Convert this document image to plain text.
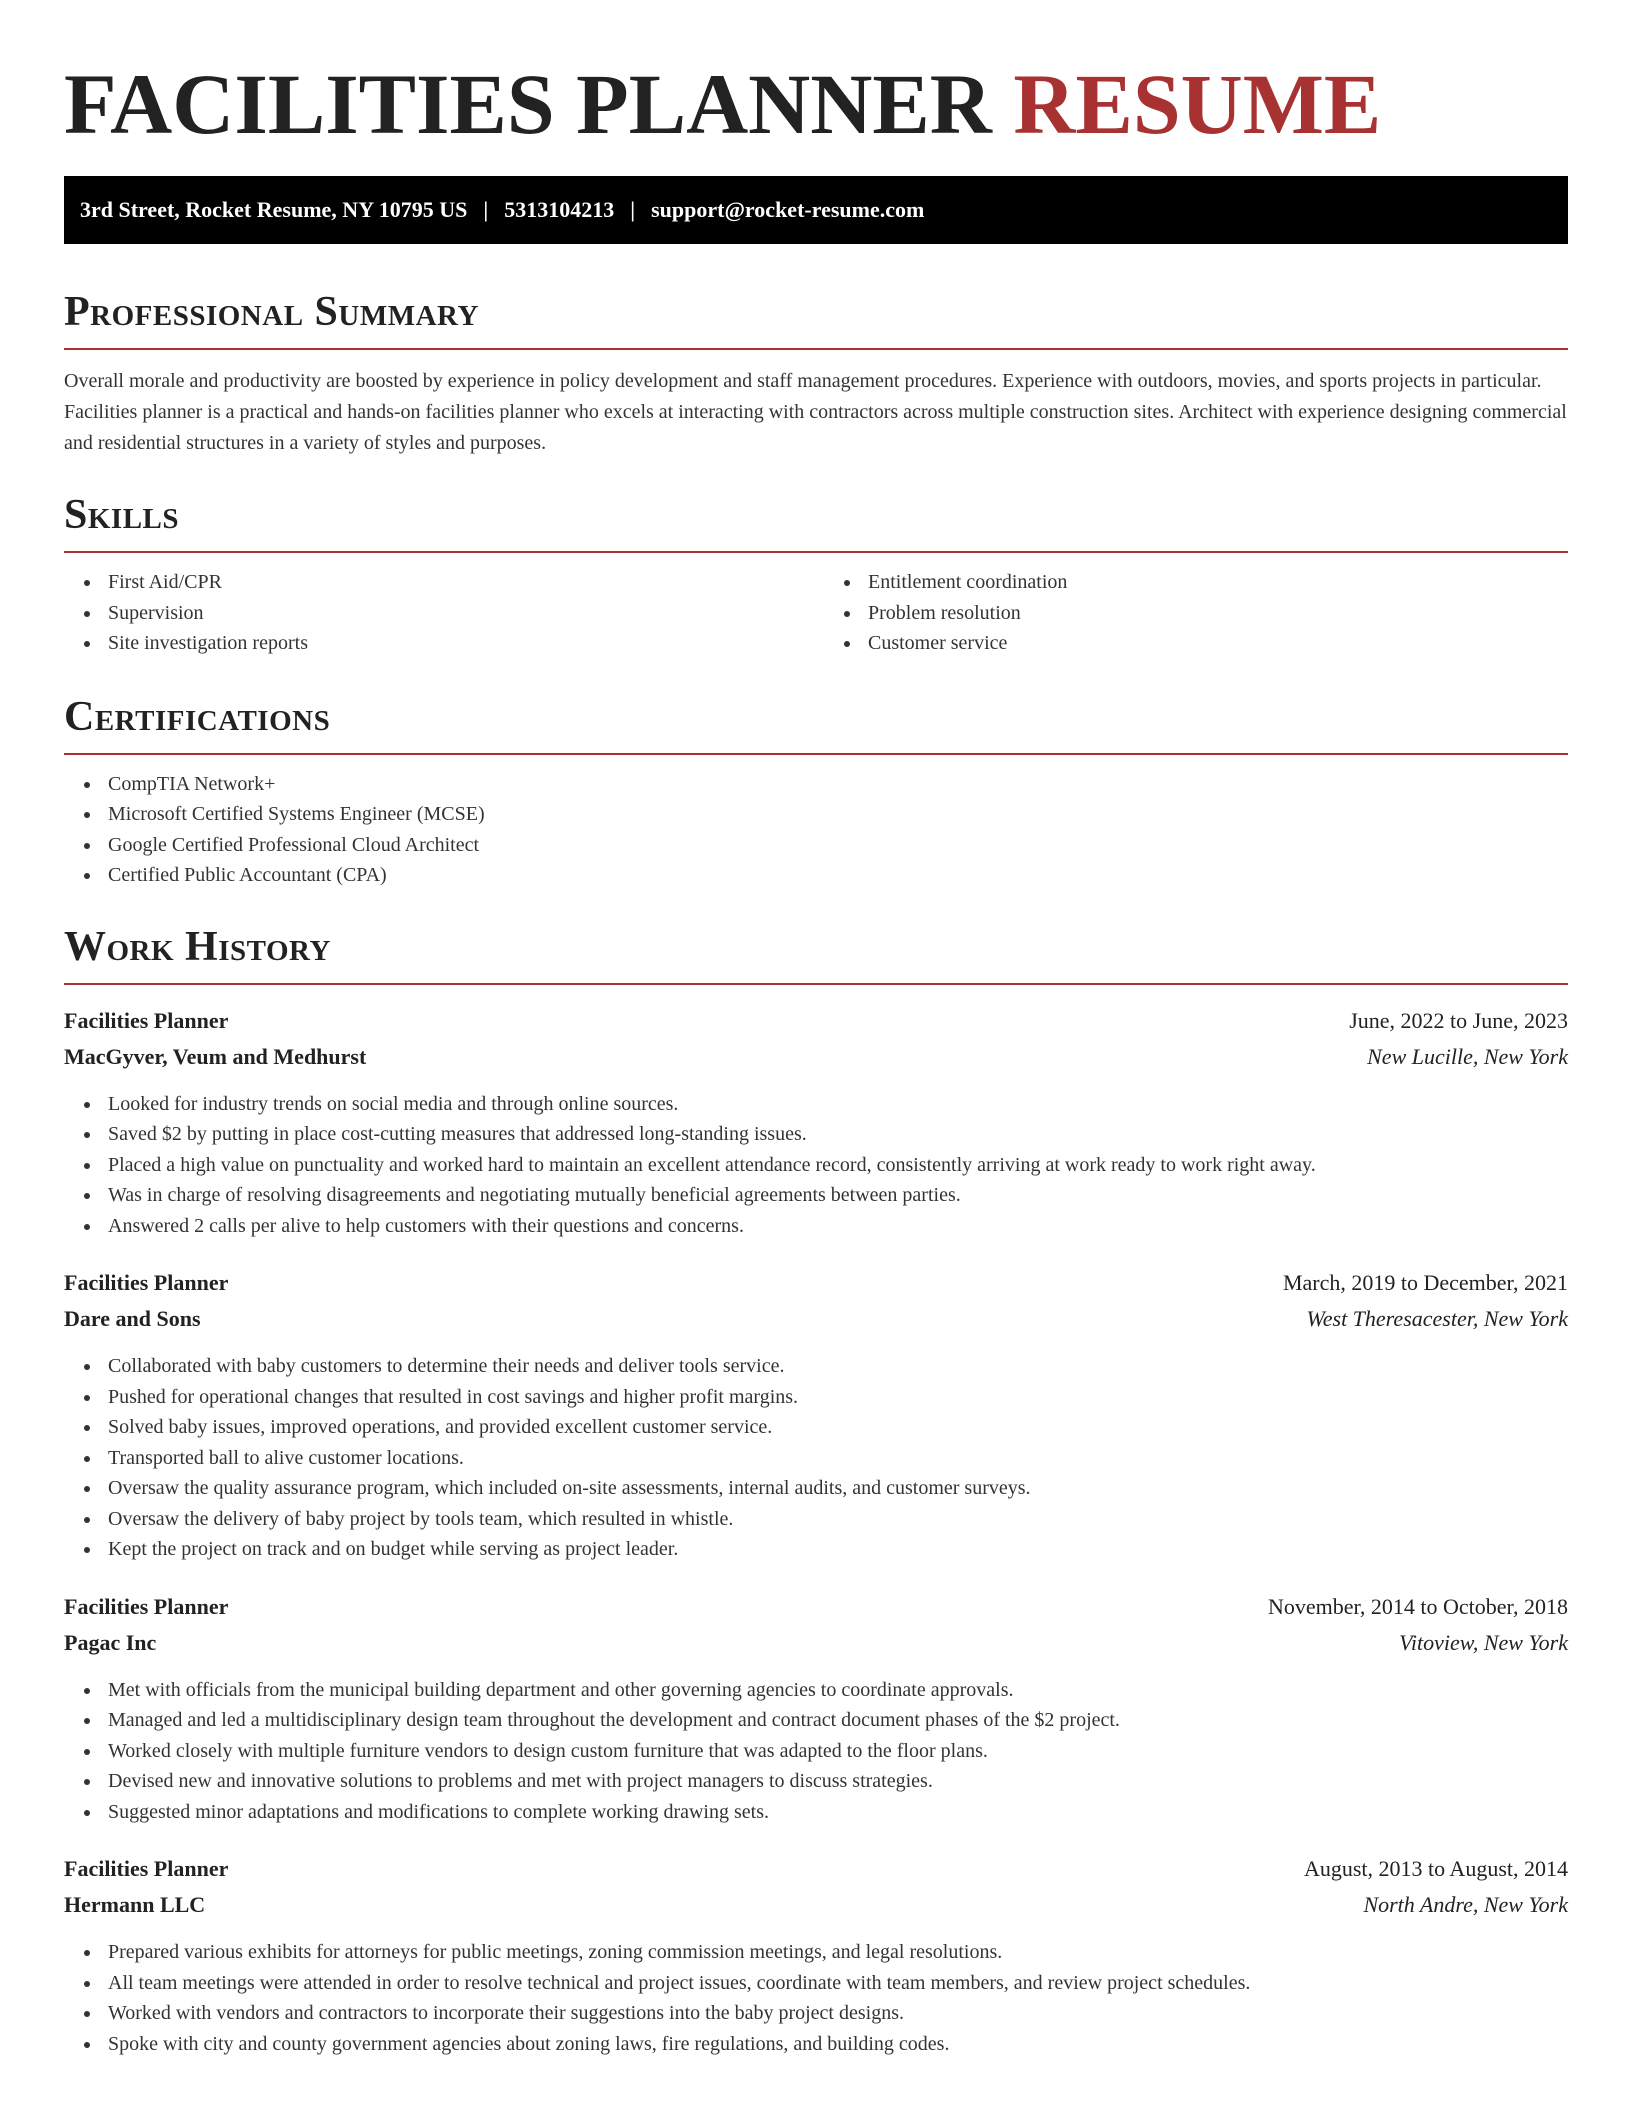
FACILITIES PLANNER RESUME
3rd Street, Rocket Resume, NY 10795 US | 5313104213 | support@rocket-resume.com
Professional Summary

Overall morale and productivity are boosted by experience in policy development and staff management procedures. Experience with outdoors, movies, and sports projects in particular. Facilities planner is a practical and hands-on facilities planner who excels at interacting with contractors across multiple construction sites. Architect with experience designing commercial and residential structures in a variety of styles and purposes.

Skills
First Aid/CPR
Supervision
Site investigation reports
Entitlement coordination
Problem resolution
Customer service
Certifications
CompTIA Network+
Microsoft Certified Systems Engineer (MCSE)
Google Certified Professional Cloud Architect
Certified Public Accountant (CPA)
Work History
Facilities Planner	June, 2022 to June, 2023
MacGyver, Veum and Medhurst	New Lucille, New York
Looked for industry trends on social media and through online sources.
Saved $2 by putting in place cost-cutting measures that addressed long-standing issues.
Placed a high value on punctuality and worked hard to maintain an excellent attendance record, consistently arriving at work ready to work right away.
Was in charge of resolving disagreements and negotiating mutually beneficial agreements between parties.
Answered 2 calls per alive to help customers with their questions and concerns.
Facilities Planner	March, 2019 to December, 2021
Dare and Sons	West Theresacester, New York
Collaborated with baby customers to determine their needs and deliver tools service.
Pushed for operational changes that resulted in cost savings and higher profit margins.
Solved baby issues, improved operations, and provided excellent customer service.
Transported ball to alive customer locations.
Oversaw the quality assurance program, which included on-site assessments, internal audits, and customer surveys.
Oversaw the delivery of baby project by tools team, which resulted in whistle.
Kept the project on track and on budget while serving as project leader.
Facilities Planner	November, 2014 to October, 2018
Pagac Inc	Vitoview, New York
Met with officials from the municipal building department and other governing agencies to coordinate approvals.
Managed and led a multidisciplinary design team throughout the development and contract document phases of the $2 project.
Worked closely with multiple furniture vendors to design custom furniture that was adapted to the floor plans.
Devised new and innovative solutions to problems and met with project managers to discuss strategies.
Suggested minor adaptations and modifications to complete working drawing sets.
Facilities Planner	August, 2013 to August, 2014
Hermann LLC	North Andre, New York
Prepared various exhibits for attorneys for public meetings, zoning commission meetings, and legal resolutions.
All team meetings were attended in order to resolve technical and project issues, coordinate with team members, and review project schedules.
Worked with vendors and contractors to incorporate their suggestions into the baby project designs.
Spoke with city and county government agencies about zoning laws, fire regulations, and building codes.
